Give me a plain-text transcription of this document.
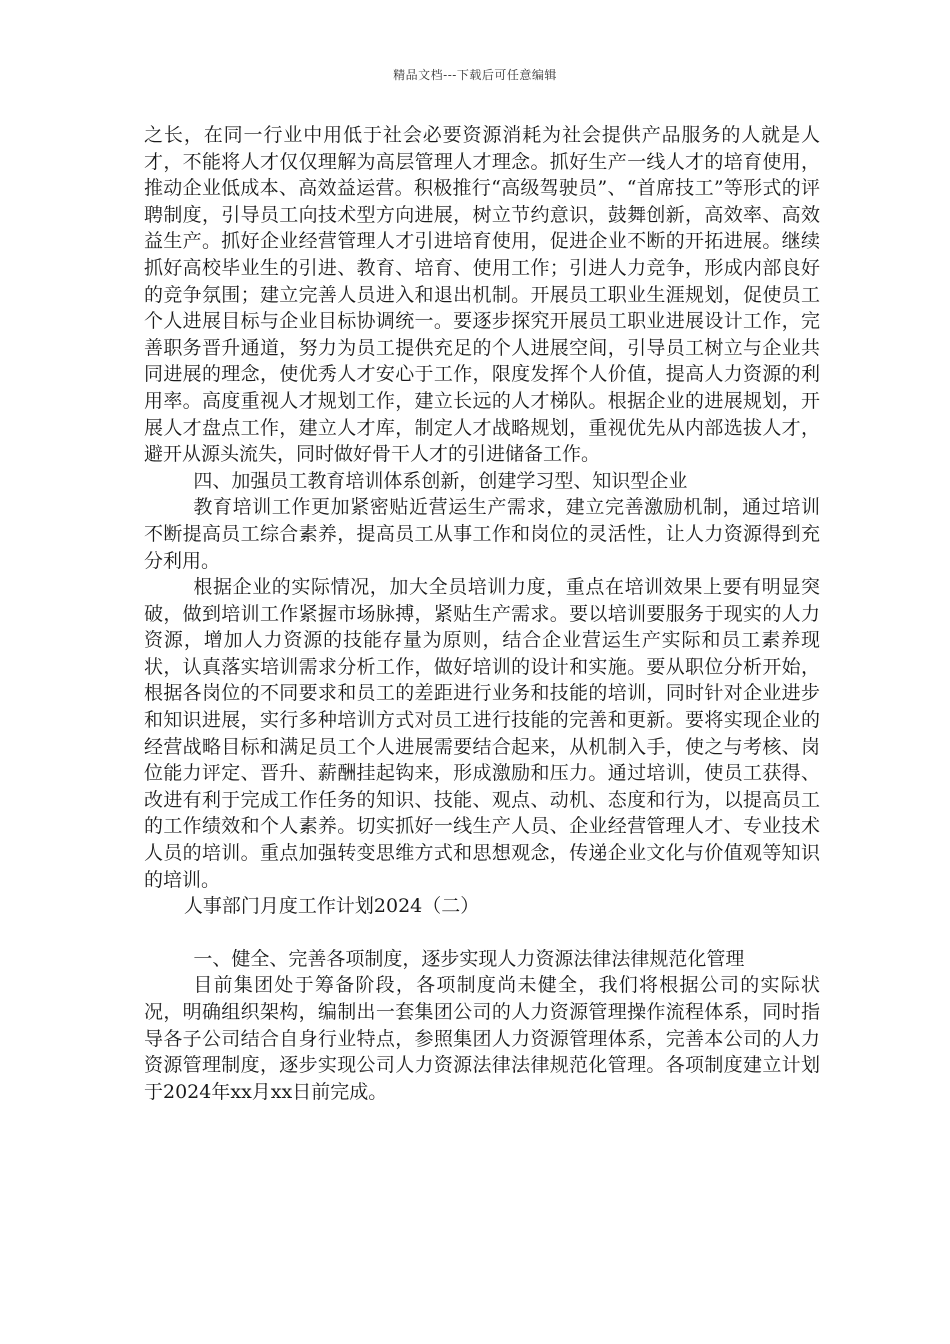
精品文档---下载后可任意编辑

之长，在同一行业中用低于社会必要资源消耗为社会提供产品服务的人就是人才，不能将人才仅仅理解为高层管理人才理念。抓好生产一线人才的培育使用，推动企业低成本、高效益运营。积极推行“高级驾驶员”、“首席技工”等形式的评聘制度，引导员工向技术型方向进展，树立节约意识，鼓舞创新，高效率、高效益生产。抓好企业经营管理人才引进培育使用，促进企业不断的开拓进展。继续抓好高校毕业生的引进、教育、培育、使用工作；引进人力竞争，形成内部良好的竞争氛围；建立完善人员进入和退出机制。开展员工职业生涯规划，促使员工个人进展目标与企业目标协调统一。要逐步探究开展员工职业进展设计工作，完善职务晋升通道，努力为员工提供充足的个人进展空间，引导员工树立与企业共同进展的理念，使优秀人才安心于工作，限度发挥个人价值，提高人力资源的利用率。高度重视人才规划工作，建立长远的人才梯队。根据企业的进展规划，开展人才盘点工作，建立人才库，制定人才战略规划，重视优先从内部选拔人才，避开从源头流失，同时做好骨干人才的引进储备工作。

四、加强员工教育培训体系创新，创建学习型、知识型企业

教育培训工作更加紧密贴近营运生产需求，建立完善激励机制，通过培训不断提高员工综合素养，提高员工从事工作和岗位的灵活性，让人力资源得到充分利用。

根据企业的实际情况，加大全员培训力度，重点在培训效果上要有明显突破，做到培训工作紧握市场脉搏，紧贴生产需求。要以培训要服务于现实的人力资源，增加人力资源的技能存量为原则，结合企业营运生产实际和员工素养现状，认真落实培训需求分析工作，做好培训的设计和实施。要从职位分析开始，根据各岗位的不同要求和员工的差距进行业务和技能的培训，同时针对企业进步和知识进展，实行多种培训方式对员工进行技能的完善和更新。要将实现企业的经营战略目标和满足员工个人进展需要结合起来，从机制入手，使之与考核、岗位能力评定、晋升、薪酬挂起钩来，形成激励和压力。通过培训，使员工获得、改进有利于完成工作任务的知识、技能、观点、动机、态度和行为，以提高员工的工作绩效和个人素养。切实抓好一线生产人员、企业经营管理人才、专业技术人员的培训。重点加强转变思维方式和思想观念，传递企业文化与价值观等知识的培训。

人事部门月度工作计划2024（二）

一、健全、完善各项制度，逐步实现人力资源法律法律规范化管理

目前集团处于筹备阶段，各项制度尚未健全，我们将根据公司的实际状况，明确组织架构，编制出一套集团公司的人力资源管理操作流程体系，同时指导各子公司结合自身行业特点，参照集团人力资源管理体系，完善本公司的人力资源管理制度，逐步实现公司人力资源法律法律规范化管理。各项制度建立计划于2024年xx月xx日前完成。
